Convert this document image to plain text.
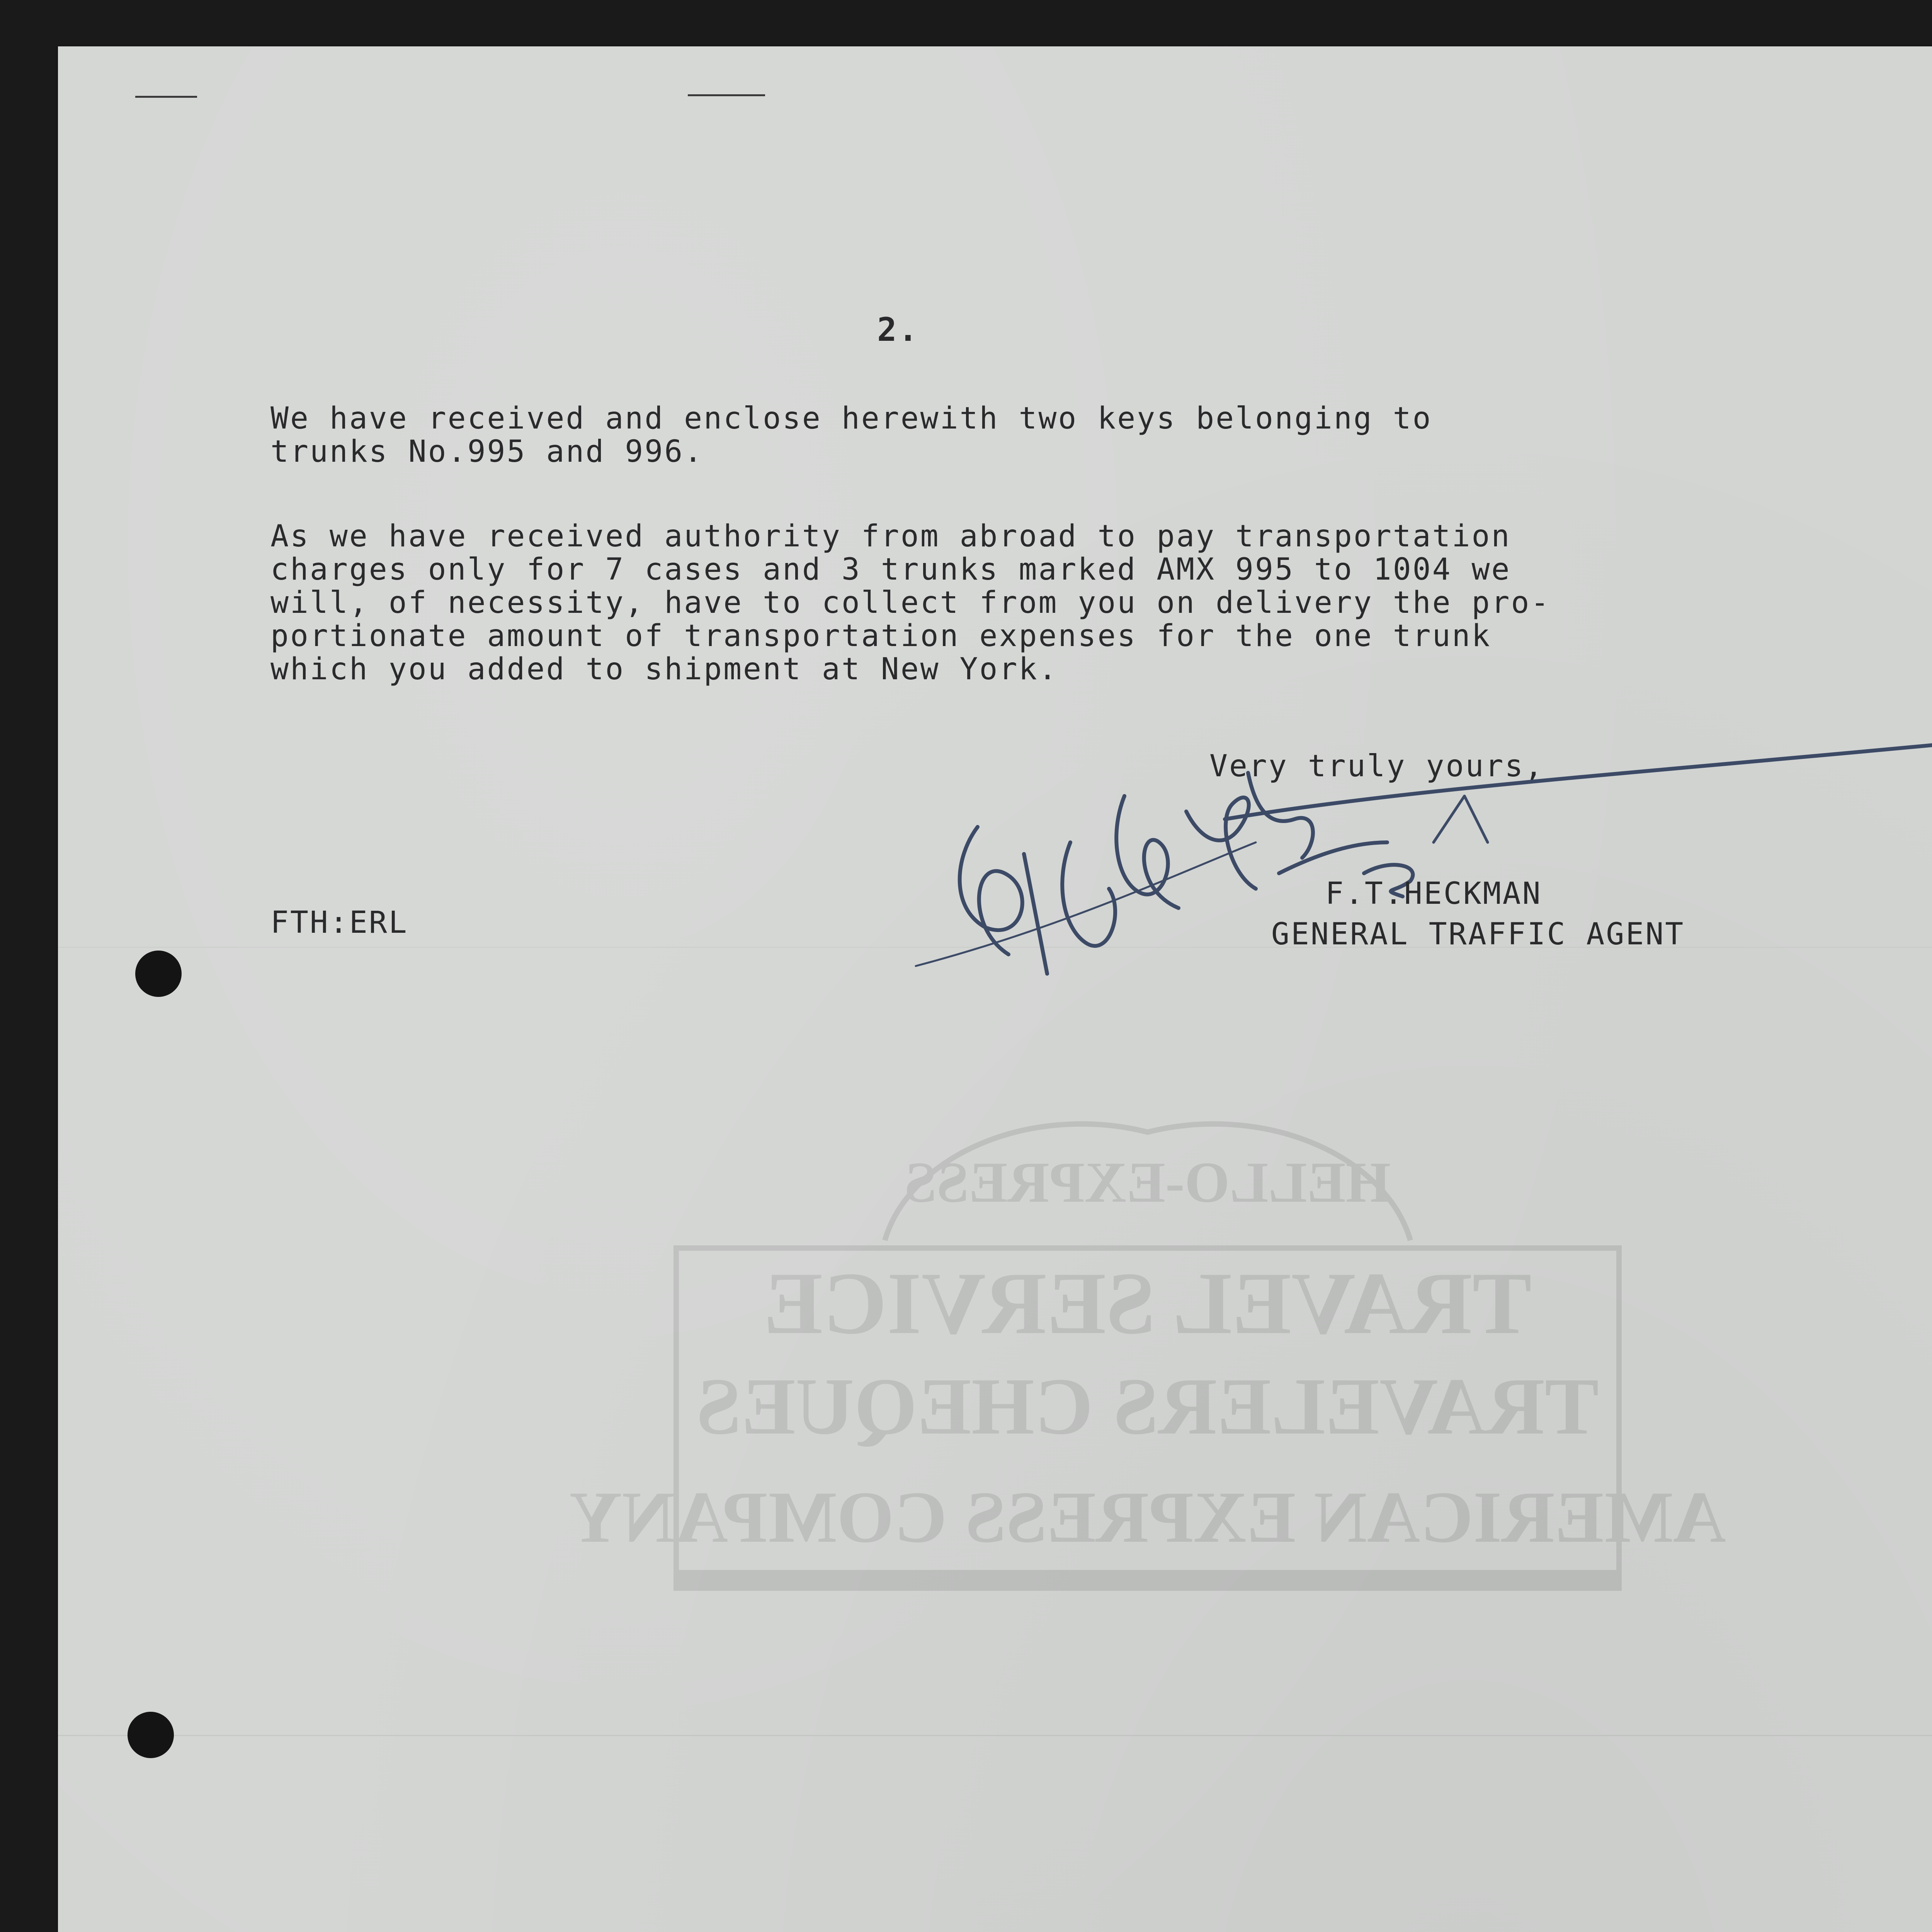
HELLO-EXPRESS
TRAVEL SERVICE
TRAVELERS CHEQUES
AMERICAN EXPRESS COMPANY

2.

We have received and enclose herewith two keys belonging to
trunks No.995 and 996.

As we have received authority from abroad to pay transportation
charges only for 7 cases and 3 trunks marked AMX 995 to 1004 we
will, of necessity, have to collect from you on delivery the pro-
portionate amount of transportation expenses for the one trunk
which you added to shipment at New York.

Very truly yours,

F.T.HECKMAN

GENERAL TRAFFIC AGENT

FTH:ERL
